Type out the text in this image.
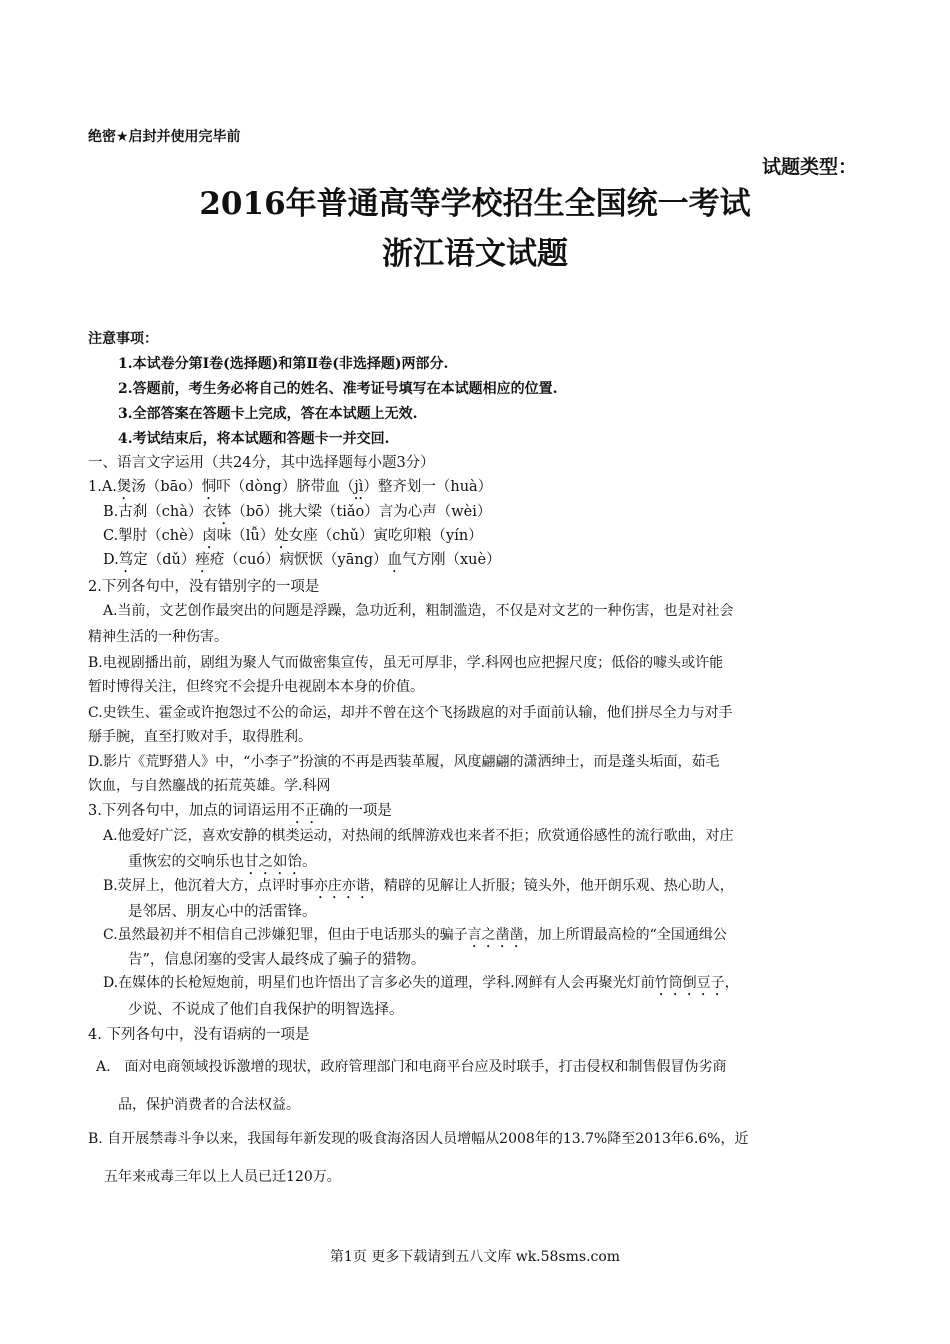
绝密★启封并使用完毕前
试题类型：
2016年普通高等学校招生全国统一考试
浙江语文试题
注意事项：
1.本试卷分第Ⅰ卷(选择题)和第Ⅱ卷(非选择题)两部分.
2.答题前，考生务必将自己的姓名、准考证号填写在本试题相应的位置.
3.全部答案在答题卡上完成，答在本试题上无效.
4.考试结束后，将本试题和答题卡一并交回.
一、语言文字运用（共24分，其中选择题每小题3分）
1.A.煲汤（bāo）恫吓（dòng）脐带血（jì）整齐划一（huà）
B.古刹（chà）衣钵（bō）挑大梁（tiǎo）言为心声（wèi）
C.掣肘（chè）卤味（lǚ）处女座（chǔ）寅吃卯粮（yín）
D.笃定（dǔ）痤疮（cuó）病恹恹（yāng）血气方刚（xuè）
2.下列各句中，没有错别字的一项是
A.当前，文艺创作最突出的问题是浮躁，急功近利，粗制滥造，不仅是对文艺的一种伤害，也是对社会
精神生活的一种伤害。
B.电视剧播出前，剧组为聚人气而做密集宣传，虽无可厚非，学.科网也应把握尺度；低俗的噱头或许能
暂时博得关注，但终究不会提升电视剧本本身的价值。
C.史铁生、霍金或许抱怨过不公的命运，却并不曾在这个飞扬跋扈的对手面前认输，他们拼尽全力与对手
掰手腕，直至打败对手，取得胜利。
D.影片《荒野猎人》中，“小李子”扮演的不再是西装革履，风度翩翩的潇洒绅士，而是蓬头垢面，茹毛
饮血，与自然鏖战的拓荒英雄。学.科网
3.下列各句中，加点的词语运用不正确的一项是
A.他爱好广泛，喜欢安静的棋类运动，对热闹的纸牌游戏也来者不拒；欣赏通俗感性的流行歌曲，对庄
重恢宏的交响乐也甘之如饴。
B.荧屏上，他沉着大方，点评时事亦庄亦谐，精辟的见解让人折服；镜头外，他开朗乐观、热心助人，
是邻居、朋友心中的活雷锋。
C.虽然最初并不相信自己涉嫌犯罪，但由于电话那头的骗子言之凿凿，加上所谓最高检的“全国通缉公
告”，信息闭塞的受害人最终成了骗子的猎物。
D.在媒体的长枪短炮前，明星们也许悟出了言多必失的道理，学科.网鲜有人会再聚光灯前竹筒倒豆子，
少说、不说成了他们自我保护的明智选择。
4. 下列各句中，没有语病的一项是
A.　面对电商领域投诉激增的现状，政府管理部门和电商平台应及时联手，打击侵权和制售假冒伪劣商
品，保护消费者的合法权益。
B. 自开展禁毒斗争以来，我国每年新发现的吸食海洛因人员增幅从2008年的13.7%降至2013年6.6%，近
五年来戒毒三年以上人员已迁120万。
第1页 更多下载请到五八文库 wk.58sms.com
